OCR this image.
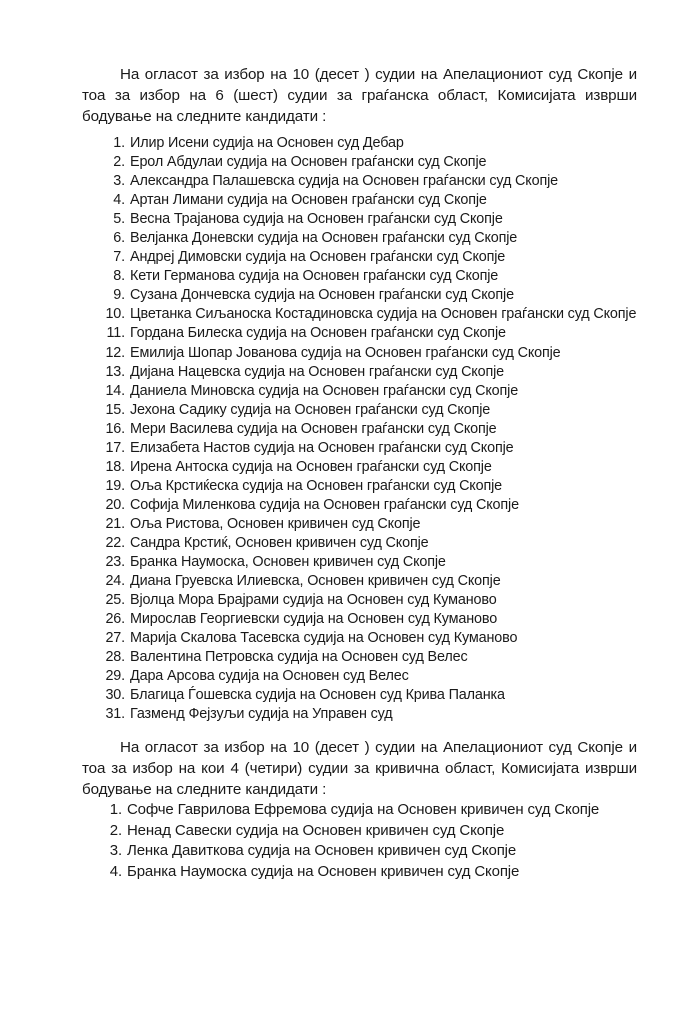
На огласот за избор на 10 (десет ) судии на Апелациониот суд Скопје и тоа за избор на 6 (шест) судии за граѓанска област, Комисијата изврши бодување на следните кандидати :

1. Илир Исени судија на Основен суд Дебар
2. Ерол Абдулаи судија на Основен граѓански суд Скопје
3. Александра Палашевска судија на Основен граѓански суд Скопје
4. Артан Лимани судија на Основен граѓански суд Скопје
5. Весна Трајанова судија на Основен граѓански суд Скопје
6. Велјанка Доневски судија на Основен граѓански суд Скопје
7. Андреј Димовски судија на Основен граѓански суд Скопје
8. Кети Германова судија на Основен граѓански суд Скопје
9. Сузана Дончевска судија на Основен граѓански суд Скопје
10. Цветанка Сиљаноска Костадиновска судија на Основен граѓански суд Скопје
11. Гордана Билеска судија на Основен граѓански суд Скопје
12. Емилија Шопар Јованова судија на Основен граѓански суд Скопје
13. Дијана Нацевска судија на Основен граѓански суд Скопје
14. Даниела Миновска судија на Основен граѓански суд Скопје
15. Јехона Садику судија на Основен граѓански суд Скопје
16. Мери Василева судија на Основен граѓански суд Скопје
17. Елизабета Настов судија на Основен граѓански суд Скопје
18. Ирена Антоска судија на Основен граѓански суд Скопје
19. Оља Крстиќеска судија на Основен граѓански суд Скопје
20. Софија Миленкова судија на Основен граѓански суд Скопје
21. Оља Ристова, Основен кривичен суд Скопје
22. Сандра Крстиќ, Основен кривичен суд Скопје
23. Бранка Наумоска, Основен кривичен суд Скопје
24. Диана Груевска Илиевска, Основен кривичен суд Скопје
25. Вјолца Мора Брајрами судија на Основен суд Куманово
26. Мирослав Георгиевски судија на Основен суд Куманово
27. Марија Скалова Тасевска судија на Основен суд Куманово
28. Валентина Петровска судија на Основен суд Велес
29. Дара Арсова судија на Основен суд Велес
30. Благица Ѓошевска судија на Основен суд Крива Паланка
31. Газменд Фејзуљи судија на Управен суд

На огласот за избор на 10 (десет ) судии на Апелациониот суд Скопје и тоа за избор на кои 4 (четири) судии за кривична област, Комисијата изврши бодување на следните кандидати :

1. Софче Гаврилова Ефремова судија на Основен кривичен суд Скопје
2. Ненад Савески судија на Основен кривичен суд Скопје
3. Ленка Давиткова судија на Основен кривичен суд Скопје
4. Бранка Наумоска судија на Основен кривичен суд Скопје
